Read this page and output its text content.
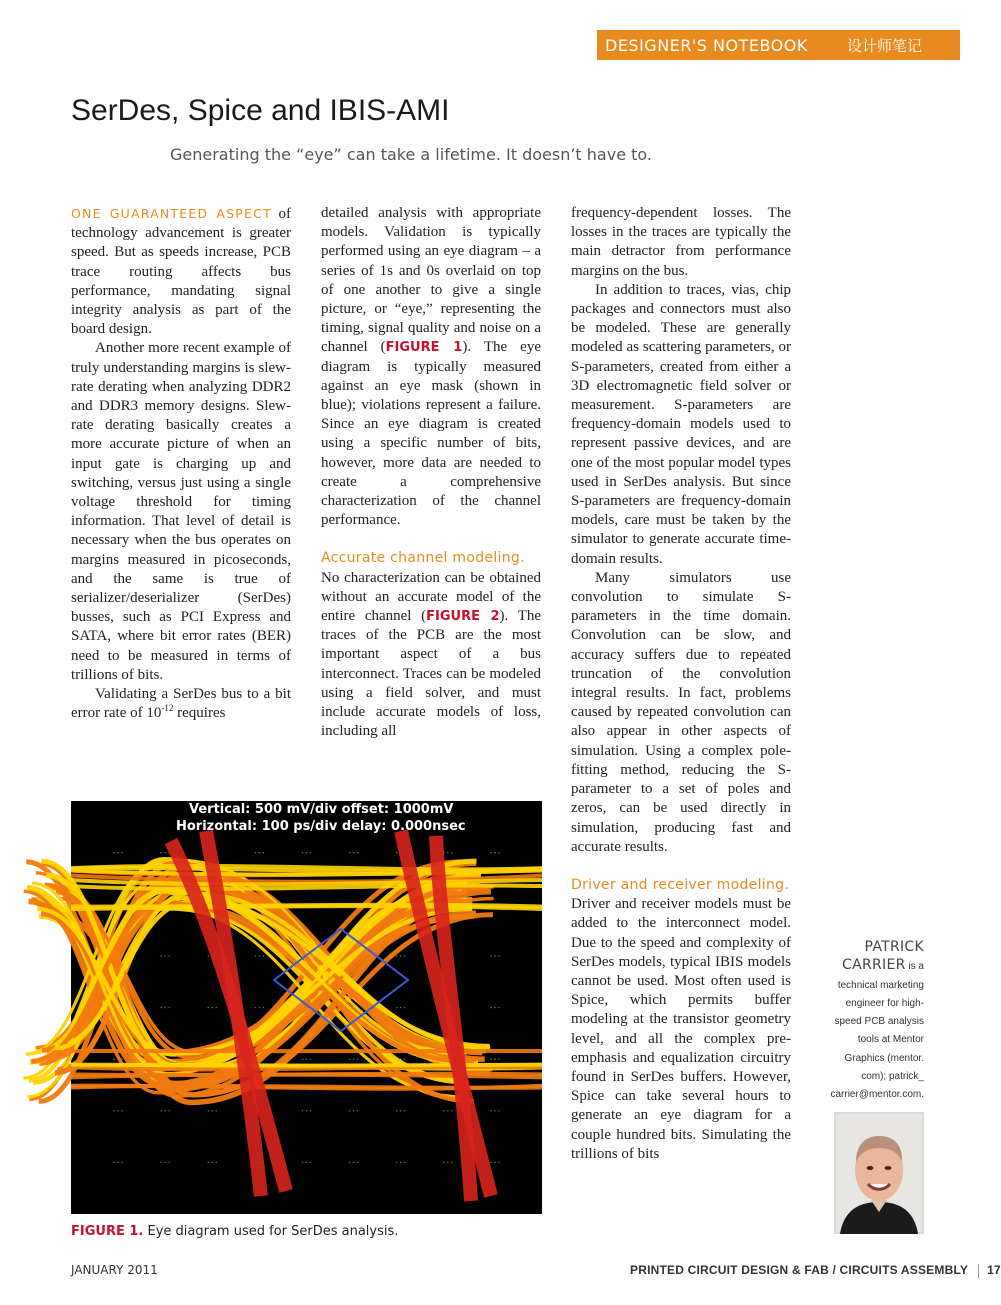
DESIGNER'S NOTEBOOK	设计师笔记
SerDes, Spice and IBIS-AMI
Generating the “eye” can take a lifetime. It doesn’t have to.

ONE GUARANTEED ASPECT of technology advancement is greater speed. But as speeds increase, PCB trace routing affects bus performance, mandating signal integrity analysis as part of the board design.

Another more recent example of truly understanding margins is slew-rate derating when analyzing DDR2 and DDR3 memory designs. Slew-rate derating basically creates a more accurate picture of when an input gate is charging up and switching, versus just using a single voltage threshold for timing information. That level of detail is necessary when the bus operates on margins measured in picoseconds, and the same is true of serializer/deserializer (SerDes) busses, such as PCI Express and SATA, where bit error rates (BER) need to be measured in terms of trillions of bits.

Validating a SerDes bus to a bit error rate of $10^{-12}$ requires

detailed analysis with appropriate models. Validation is typically performed using an eye diagram – a series of 1s and 0s overlaid on top of one another to give a single picture, or “eye,” representing the timing, signal quality and noise on a channel (FIGURE 1). The eye diagram is typically measured against an eye mask (shown in blue); violations represent a failure. Since an eye diagram is created using a specific number of bits, however, more data are needed to create a comprehensive characterization of the channel performance.

Accurate channel modeling.
No characterization can be obtained without an accurate model of the entire channel (FIGURE 2). The traces of the PCB are the most important aspect of a bus interconnect. Traces can be modeled using a field solver, and must include accurate models of loss, including all

frequency-dependent losses. The losses in the traces are typically the main detractor from performance margins on the bus.

In addition to traces, vias, chip packages and connectors must also be modeled. These are generally modeled as scattering parameters, or S-parameters, created from either a 3D electromagnetic field solver or measurement. S-parameters are frequency-domain models used to represent passive devices, and are one of the most popular model types used in SerDes analysis. But since S-parameters are frequency-domain models, care must be taken by the simulator to generate accurate time-domain results.

Many simulators use convolution to simulate S-parameters in the time domain. Convolution can be slow, and accuracy suffers due to repeated truncation of the convolution integral results. In fact, problems caused by repeated convolution can also appear in other aspects of simulation. Using a complex pole-fitting method, reducing the S-parameter to a set of poles and zeros, can be used directly in simulation, producing fast and accurate results.

Driver and receiver modeling.
Driver and receiver models must be added to the interconnect model. Due to the speed and complexity of SerDes models, typical IBIS models cannot be used. Most often used is Spice, which permits buffer modeling at the transistor geometry level, and all the complex pre-emphasis and equalization circuitry found in SerDes buffers. However, Spice can take several hours to generate an eye diagram for a couple hundred bits. Simulating the trillions of bits

Vertical: 500 mV/div offset: 1000mV
Horizontal: 100 ps/div delay: 0.000nsec
FIGURE 1. Eye diagram used for SerDes analysis.
PATRICK
CARRIER is a
technical marketing
engineer for high-
speed PCB analysis
tools at Mentor
Graphics (mentor.
com); patrick_
carrier@mentor.com.
JANUARY 2011	PRINTED CIRCUIT DESIGN & FAB / CIRCUITS ASSEMBLY 17
